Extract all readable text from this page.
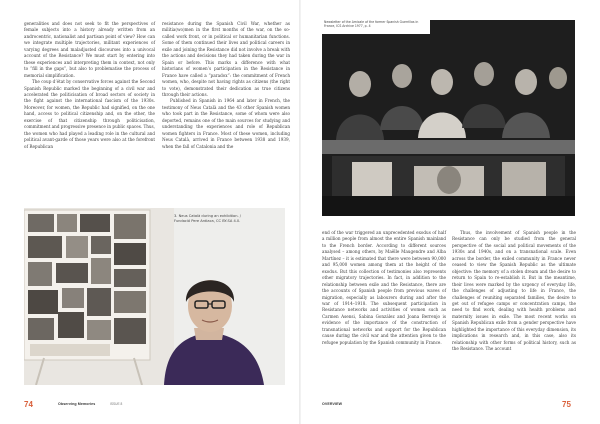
generalities and does not seek to fit the perspectives of female subjects into a history already written from an androcentric, nationalist and partisan point of view? How can we integrate multiple trajectories, militant experiences of varying degrees and maladjusted discourses into a univocal account of the Resistance? We must start by entering into these experiences and interpreting them in context, not only to “fill in the gaps”, but also to problematise the process of memorial simplification.

The coup d’état by conservative forces against the Second Spanish Republic marked the beginning of a civil war and accelerated the politicisation of broad sectors of society in the fight against the international fascism of the 1930s. Moreover, for women, the Republic had signified, on the one hand, access to political citizenship and, on the other, the exercise of that citizenship through politicisation, commitment and progressive presence in public spaces. Thus, the women who had played a leading role in the cultural and political avant-garde of those years were also at the forefront of Republican

resistance during the Spanish Civil War, whether as militia(wo)men in the first months of the war, on the so-called work front, or in political or humanitarian functions. Some of them continued their lives and political careers in exile and joining the Resistance did not involve a break with the actions and decisions they had taken during the war in Spain or before. This marks a difference with what historians of women’s participation in the Resistance in France have called a “paradox”: the commitment of French women, who, despite not having rights as citizens (the right to vote), demonstrated their dedication as true citizens through their actions.

Published in Spanish in 1964 and later in French, the testimony of Neus Català and the 43 other Spanish women who took part in the Resistance, some of whom were also deported, remains one of the main sources for studying and understanding the experiences and role of Republican women fighters in France. Most of these women, including Neus Català, arrived in France between 1938 and 1939, when the fall of Catalonia and the

3. Neus Català during an exhibition. / Fundació Pere Ardiaca, CC BY-SA 4.0.
74	Observing Memories	ISSUE 8
Newsletter of the Amicale of the former Spanish Guerrillas in France, ICS Archive 1977, p. 4

end of the war triggered an unprecedented exodus of half a million people from almost the entire Spanish mainland to the French border. According to different sources analysed – among others, by Maëlle Maugendre and Alba Martínez – it is estimated that there were between 90,000 and 95,000 women among them at the height of the exodus. But this collection of testimonies also represents other migratory trajectories. In fact, in addition to the relationship between exile and the Resistance, there are the accounts of Spanish people from previous waves of migration, especially as labourers during and after the war of 1914–1918. The subsequent participation in Resistance networks and activities of women such as Carmen Asensi, Sabina González and Joana Berrenjo is evidence of the importance of the construction of transnational networks and support for the Republican cause during the civil war and the attention given to the refugee population by the Spanish community in France.

Thus, the involvement of Spanish people in the Resistance can only be studied from the general perspective of the social and political movements of the 1930s and 1940s, and on a transnational scale. Even across the border, the exiled community in France never ceased to view the Spanish Republic as the ultimate objective: the memory of a stolen dream and the desire to return to Spain to re-establish it. But in the meantime, their lives were marked by the urgency of everyday life, the challenges of adjusting to life in France, the challenges of reuniting separated families, the desire to get out of refugee camps or concentration camps, the need to find work, dealing with health problems and maternity issues in exile. The most recent works on Spanish Republican exile from a gender perspective have highlighted the importance of this everyday dimension, its implications in research and, in this case, also its relationship with other forms of political history, such as the Resistance. The account

OVERVIEW	75
